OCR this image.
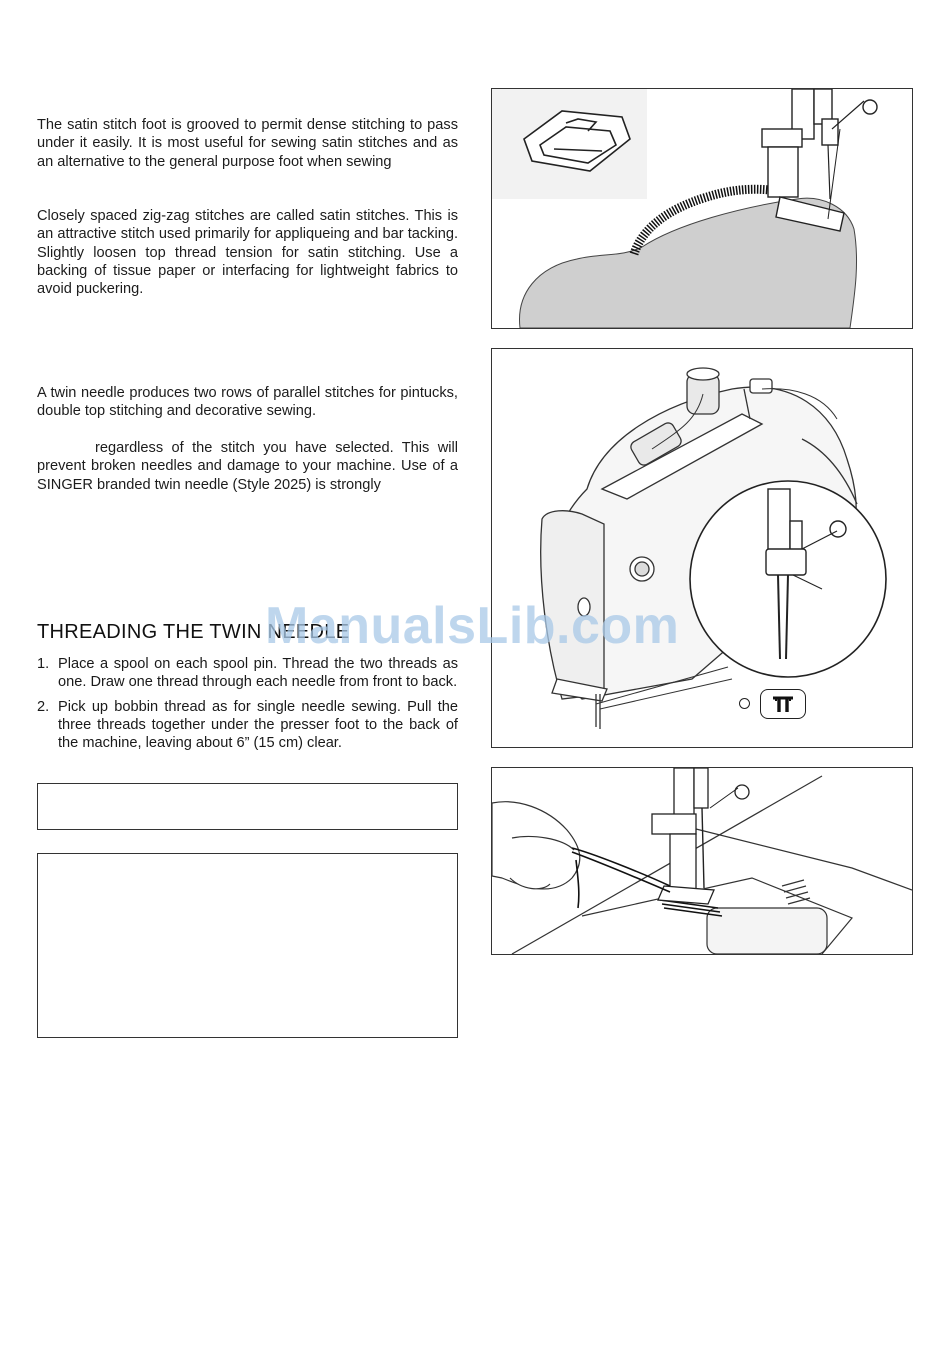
The satin stitch foot is grooved to permit dense stitching to pass under it easily. It is most useful for sewing satin stitches and as an alternative to the general purpose foot when sewing

Closely spaced zig-zag stitches are called satin stitches. This is an attractive stitch used primarily for appliqueing and bar tacking. Slightly loosen top thread tension for satin stitching. Use a backing of tissue paper or interfacing for lightweight fabrics to avoid puckering.

A twin needle produces two rows of parallel stitches for pintucks, double top stitching and decorative sewing.

regardless of the stitch you have selected. This will prevent broken needles and damage to your machine. Use of a SINGER branded twin needle (Style 2025) is strongly

THREADING THE TWIN NEEDLE
1. Place a spool on each spool pin. Thread the two threads as one. Draw one thread through each needle from front to back.
2. Pick up bobbin thread as for single needle sewing. Pull the three threads together under the presser foot to the back of the machine, leaving about 6” (15 cm) clear.

ManualsLib.com
